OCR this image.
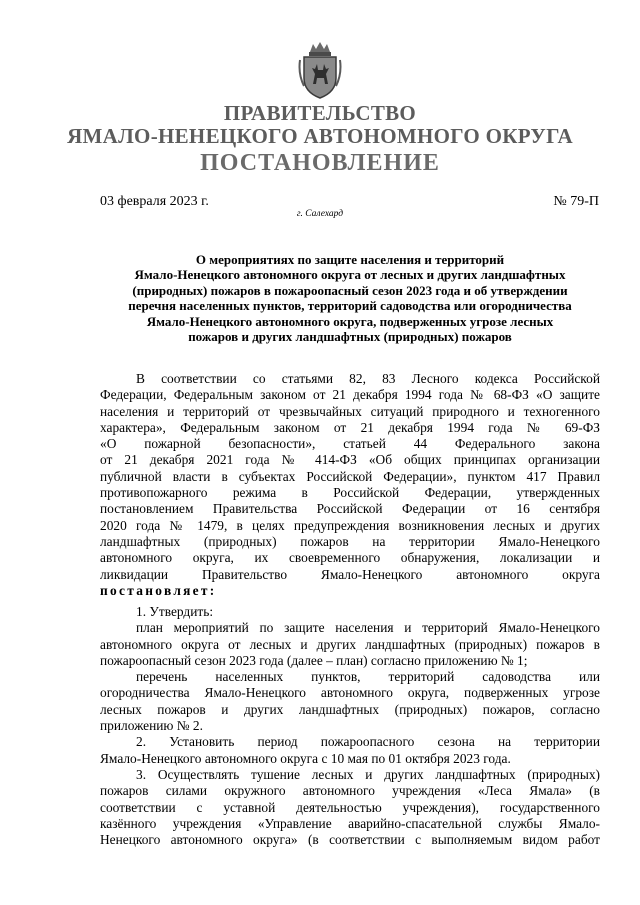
ПРАВИТЕЛЬСТВО
ЯМАЛО-НЕНЕЦКОГО АВТОНОМНОГО ОКРУГА
ПОСТАНОВЛЕНИЕ
03 февраля 2023 г.	№ 79-П
г. Салехард
О мероприятиях по защите населения и территорий
Ямало-Ненецкого автономного округа от лесных и других ландшафтных
(природных) пожаров в пожароопасный сезон 2023 года и об утверждении
перечня населенных пунктов, территорий садоводства или огородничества
Ямало-Ненецкого автономного округа, подверженных угрозе лесных
пожаров и других ландшафтных (природных) пожаров
В соответствии со статьями 82, 83 Лесного кодекса Российской
Федерации, Федеральным законом от 21 декабря 1994 года № 68-ФЗ «О защите
населения и территорий от чрезвычайных ситуаций природного и техногенного
характера», Федеральным законом от 21 декабря 1994 года № 69-ФЗ
«О пожарной безопасности», статьей 44 Федерального закона
от 21 декабря 2021 года № 414-ФЗ «Об общих принципах организации
публичной власти в субъектах Российской Федерации», пунктом 417 Правил
противопожарного режима в Российской Федерации, утвержденных
постановлением Правительства Российской Федерации от 16 сентября
2020 года № 1479, в целях предупреждения возникновения лесных и других
ландшафтных (природных) пожаров на территории Ямало-Ненецкого
автономного округа, их своевременного обнаружения, локализации и
ликвидации Правительство Ямало-Ненецкого автономного округа
постановляет:
1. Утвердить:
план мероприятий по защите населения и территорий Ямало-Ненецкого
автономного округа от лесных и других ландшафтных (природных) пожаров в
пожароопасный сезон 2023 года (далее – план) согласно приложению № 1;
перечень населенных пунктов, территорий садоводства или
огородничества Ямало-Ненецкого автономного округа, подверженных угрозе
лесных пожаров и других ландшафтных (природных) пожаров, согласно
приложению № 2.
2. Установить период пожароопасного сезона на территории
Ямало-Ненецкого автономного округа с 10 мая по 01 октября 2023 года.
3. Осуществлять тушение лесных и других ландшафтных (природных)
пожаров силами окружного автономного учреждения «Леса Ямала» (в
соответствии с уставной деятельностью учреждения), государственного
казённого учреждения «Управление аварийно-спасательной службы Ямало-
Ненецкого автономного округа» (в соответствии с выполняемым видом работ
